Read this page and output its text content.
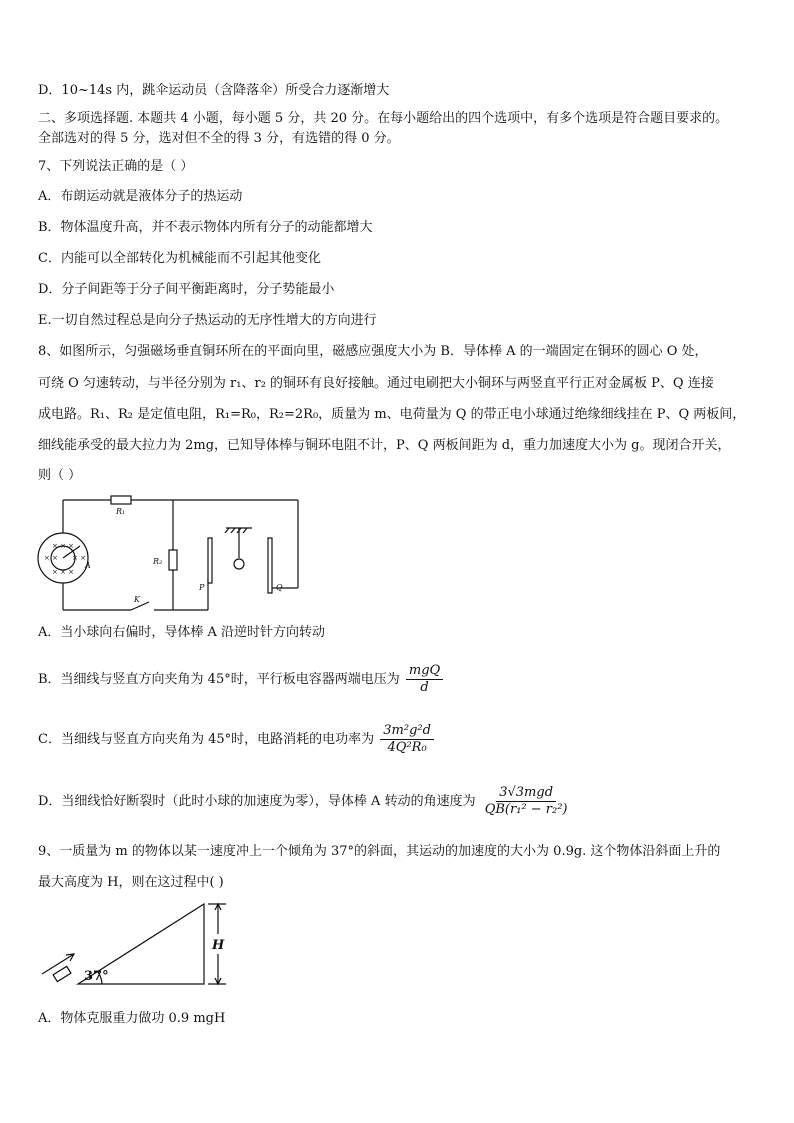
D．10~14s 内，跳伞运动员（含降落伞）所受合力逐渐增大
二、多项选择题. 本题共 4 小题，每小题 5 分，共 20 分。在每小题给出的四个选项中，有多个选项是符合题目要求的。
全部选对的得 5 分，选对但不全的得 3 分，有选错的得 0 分。
7、下列说法正确的是（ ）
A．布朗运动就是液体分子的热运动
B．物体温度升高，并不表示物体内所有分子的动能都增大
C．内能可以全部转化为机械能而不引起其他变化
D．分子间距等于分子间平衡距离时，分子势能最小
E.一切自然过程总是向分子热运动的无序性增大的方向进行
8、如图所示，匀强磁场垂直铜环所在的平面向里，磁感应强度大小为 B．导体棒 A 的一端固定在铜环的圆心 O 处，
可绕 O 匀速转动，与半径分别为 r₁、r₂ 的铜环有良好接触。通过电刷把大小铜环与两竖直平行正对金属板 P、Q 连接
成电路。R₁、R₂ 是定值电阻，R₁=R₀，R₂=2R₀，质量为 m、电荷量为 Q 的带正电小球通过绝缘细线挂在 P、Q 两板间，
细线能承受的最大拉力为 2mg，已知导体棒与铜环电阻不计，P、Q 两板间距为 d，重力加速度大小为 g。现闭合开关，
则（ ）
× × ×
× × × ×
× × ×
R₁
R₂
A
K
P	Q
A．当小球向右偏时，导体棒 A 沿逆时针方向转动
B．当细线与竖直方向夹角为 45°时，平行板电容器两端电压为 $\frac{\text{mgQ}}{d}$
C．当细线与竖直方向夹角为 45°时，电路消耗的电功率为 $\frac{\text{3m²g²d}}{\text{4Q²R₀}}$
D．当细线恰好断裂时（此时小球的加速度为零），导体棒 A 转动的角速度为 $\frac{\text{3√3mgd}}{\text{QB(r₁² − r₂²)}}$
9、一质量为 m 的物体以某一速度冲上一个倾角为 37°的斜面，其运动的加速度的大小为 0.9g. 这个物体沿斜面上升的
最大高度为 H，则在这过程中( )
37°
H
A．物体克服重力做功 0.9 mgH
